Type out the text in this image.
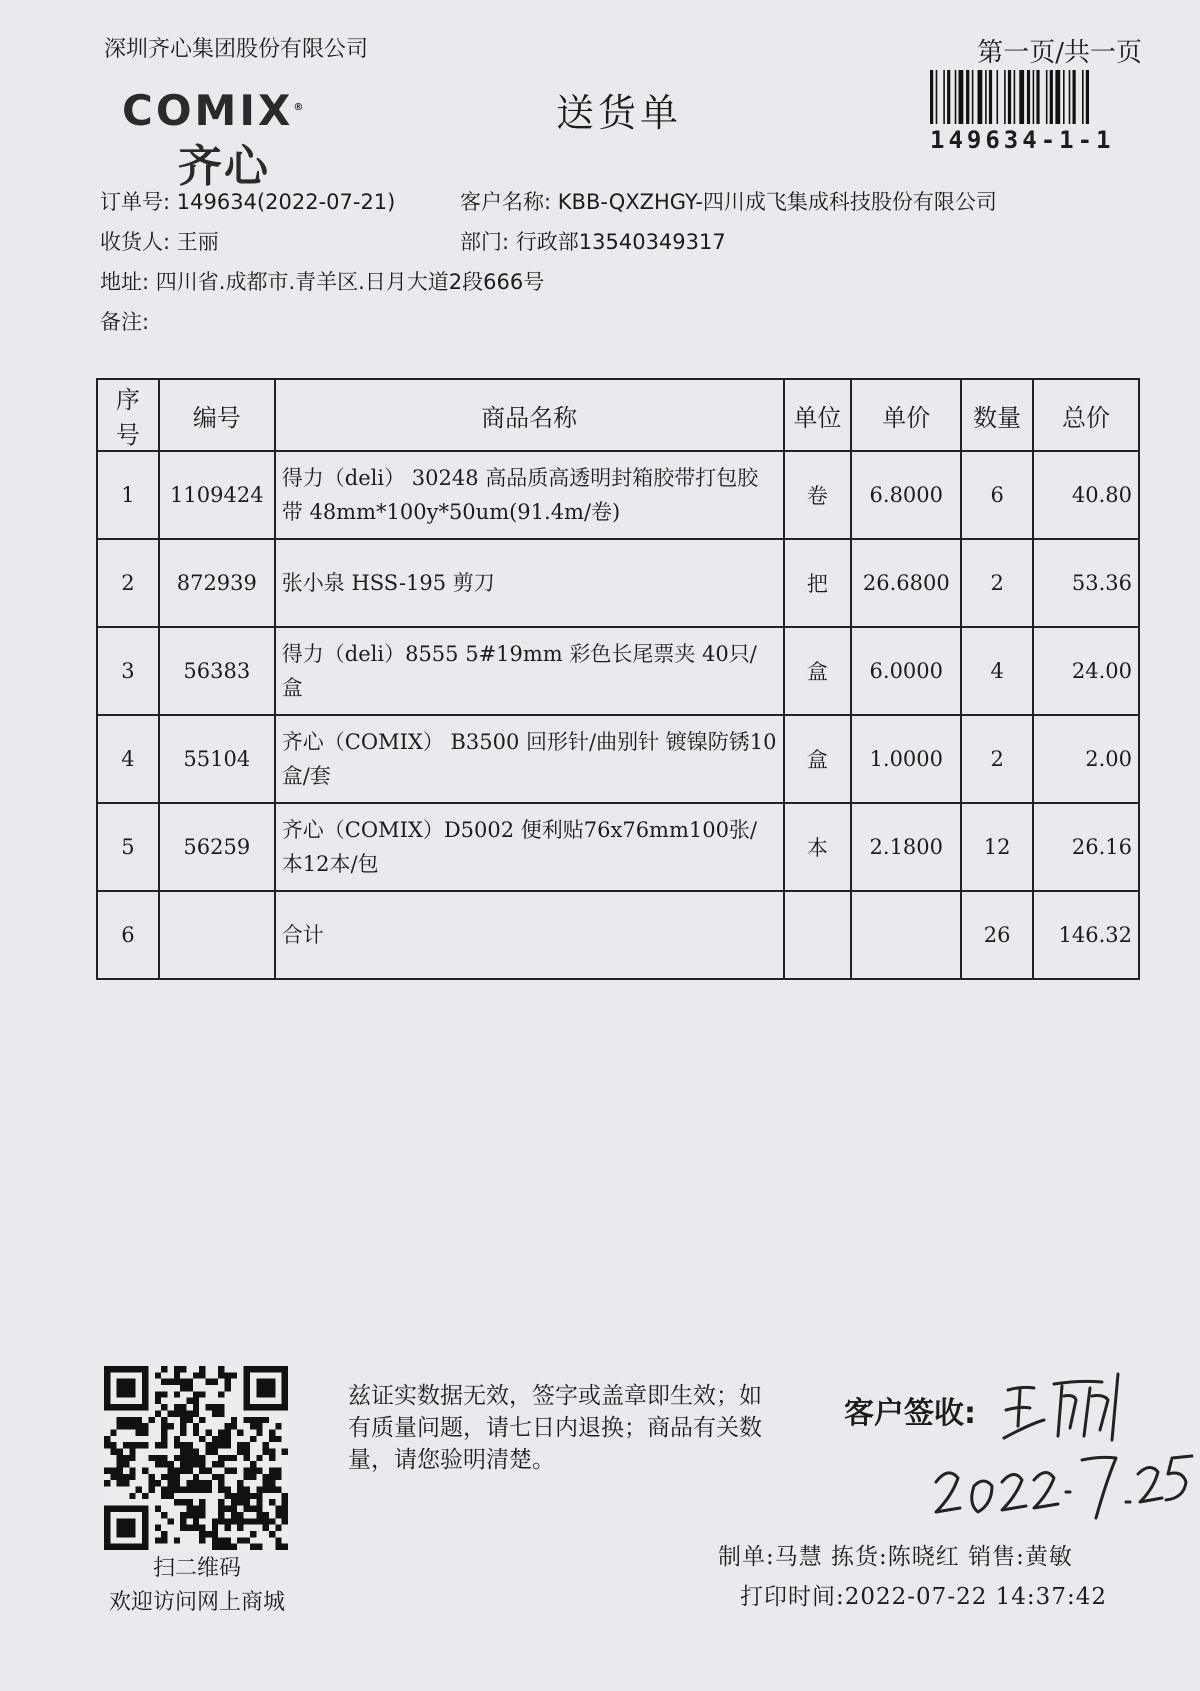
深圳齐心集团股份有限公司	第一页/共一页
COMIX®
齐心
送货单
149634-1-1
订单号: 149634(2022-07-21)	客户名称: KBB-QXZHGY-四川成飞集成科技股份有限公司
收货人: 王丽	部门: 行政部13540349317
地址: 四川省.成都市.青羊区.日月大道2段666号
备注:
序号	编号	商品名称	单位	单价	数量	总价
1	1109424	得力（deli） 30248 高品质高透明封箱胶带打包胶带 48mm*100y*50um(91.4m/卷)	卷	6.8000	6	40.80
2	872939	张小泉 HSS-195 剪刀	把	26.6800	2	53.36
3	56383	得力（deli）8555 5#19mm 彩色长尾票夹 40只/盒	盒	6.0000	4	24.00
4	55104	齐心（COMIX） B3500 回形针/曲别针 镀镍防锈10盒/套	盒	1.0000	2	2.00
5	56259	齐心（COMIX）D5002 便利贴76x76mm100张/本12本/包	本	2.1800	12	26.16
6		合计			26	146.32
扫二维码
欢迎访问网上商城
兹证实数据无效，签字或盖章即生效；如有质量问题，请七日内退换；商品有关数量，请您验明清楚。
客户签收:
制单:马慧 拣货:陈晓红 销售:黄敏
打印时间:2022-07-22 14:37:42
